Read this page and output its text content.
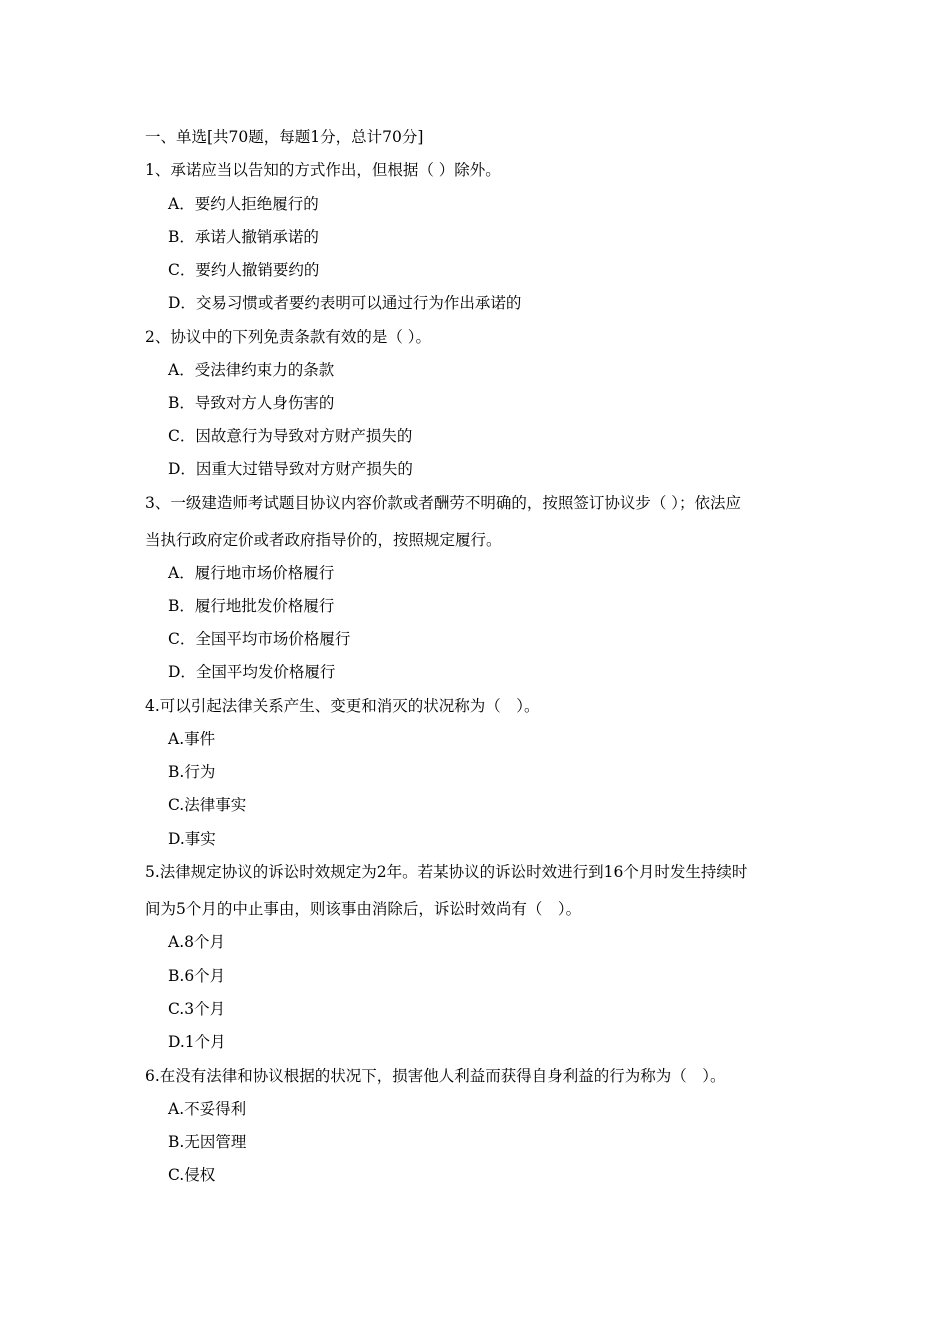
一、单选[共70题，每题1分，总计70分]
1、承诺应当以告知的方式作出，但根据（ ）除外。
A．要约人拒绝履行的
B．承诺人撤销承诺的
C．要约人撤销要约的
D．交易习惯或者要约表明可以通过行为作出承诺的
2、协议中的下列免责条款有效的是（ ）。
A．受法律约束力的条款
B．导致对方人身伤害的
C．因故意行为导致对方财产损失的
D．因重大过错导致对方财产损失的
3、一级建造师考试题目协议内容价款或者酬劳不明确的，按照签订协议步（ ）；依法应
当执行政府定价或者政府指导价的，按照规定履行。
A．履行地市场价格履行
B．履行地批发价格履行
C．全国平均市场价格履行
D．全国平均发价格履行
4.可以引起法律关系产生、变更和消灭的状况称为（　）。
A.事件
B.行为
C.法律事实
D.事实
5.法律规定协议的诉讼时效规定为2年。若某协议的诉讼时效进行到16个月时发生持续时
间为5个月的中止事由，则该事由消除后，诉讼时效尚有（　）。
A.8个月
B.6个月
C.3个月
D.1个月
6.在没有法律和协议根据的状况下，损害他人利益而获得自身利益的行为称为（　）。
A.不妥得利
B.无因管理
C.侵权
